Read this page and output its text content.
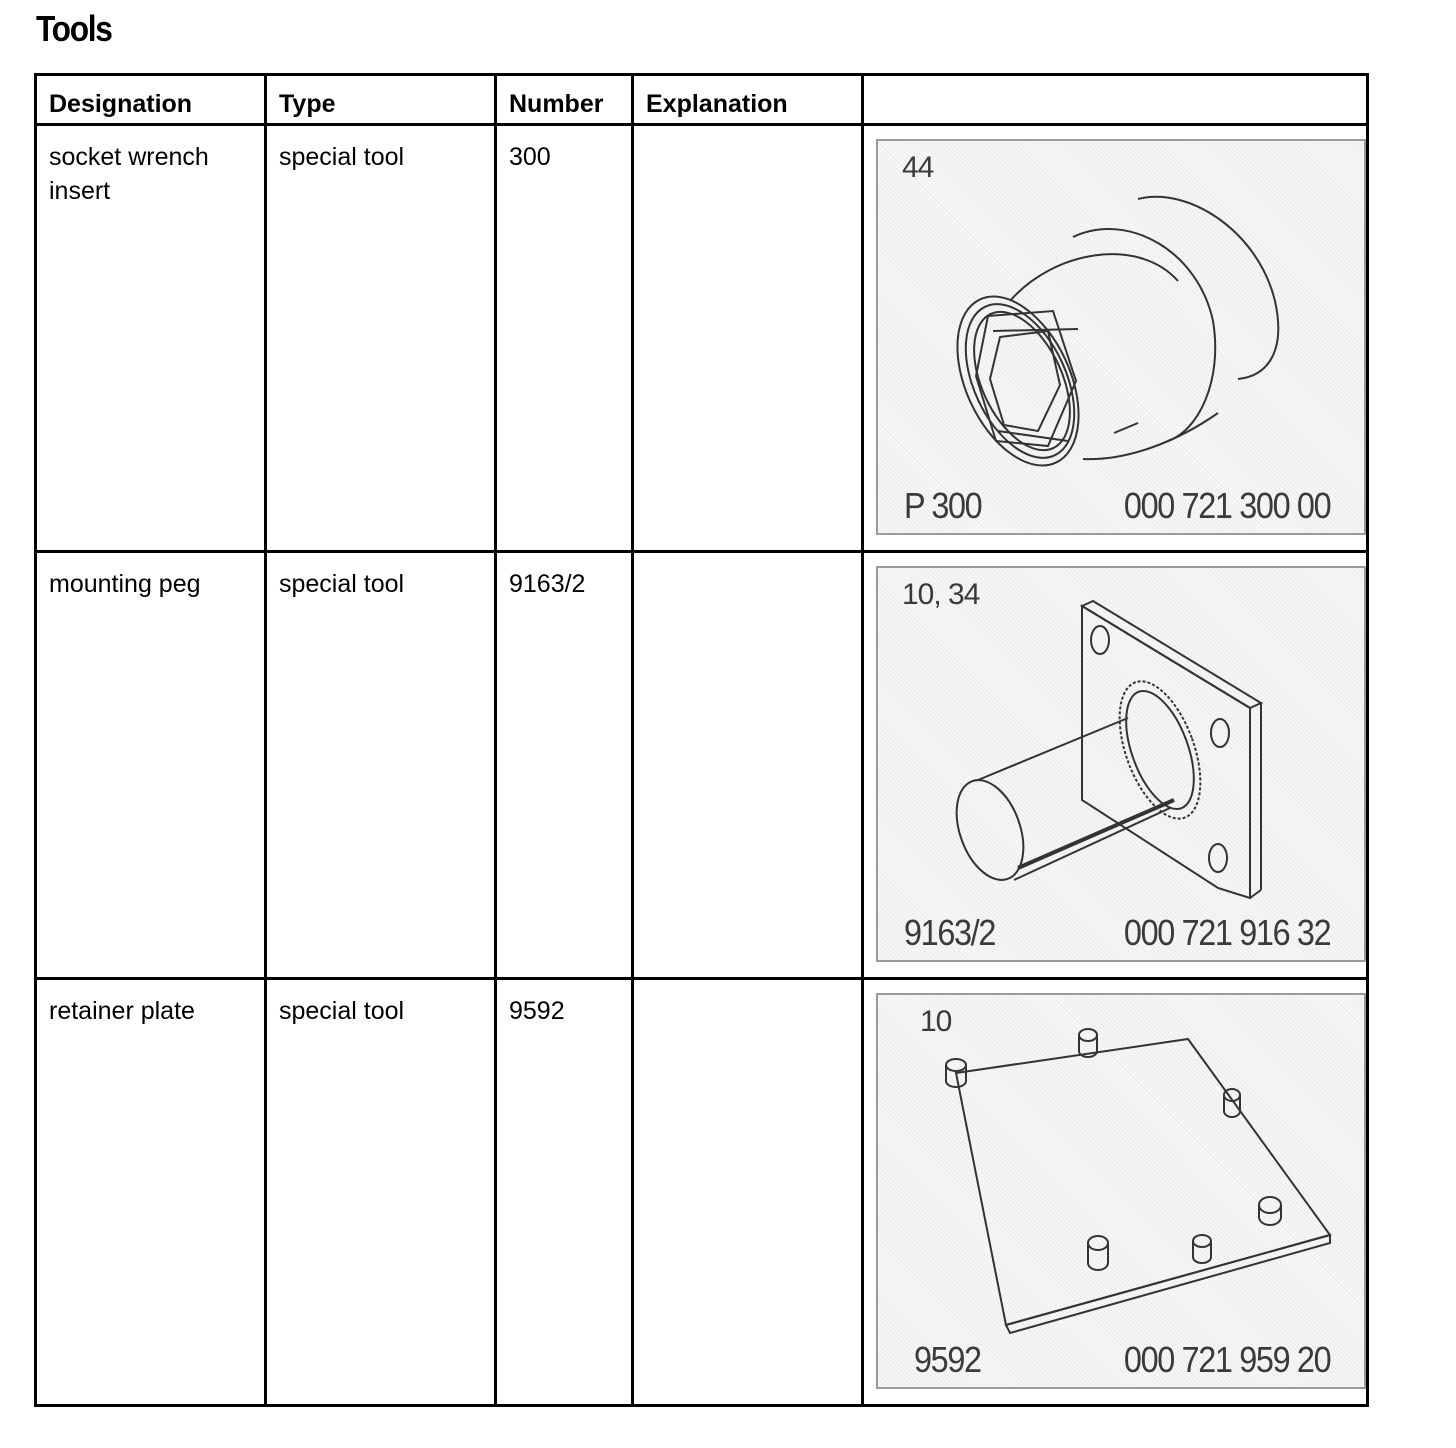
Tools
Designation	Type	Number	Explanation	

socket wrench insert	special tool	300		44
P 300 000 721 300 00

mounting peg	special tool	9163/2		10, 34
9163/2 000 721 916 32

retainer plate	special tool	9592		10
9592 000 721 959 20
